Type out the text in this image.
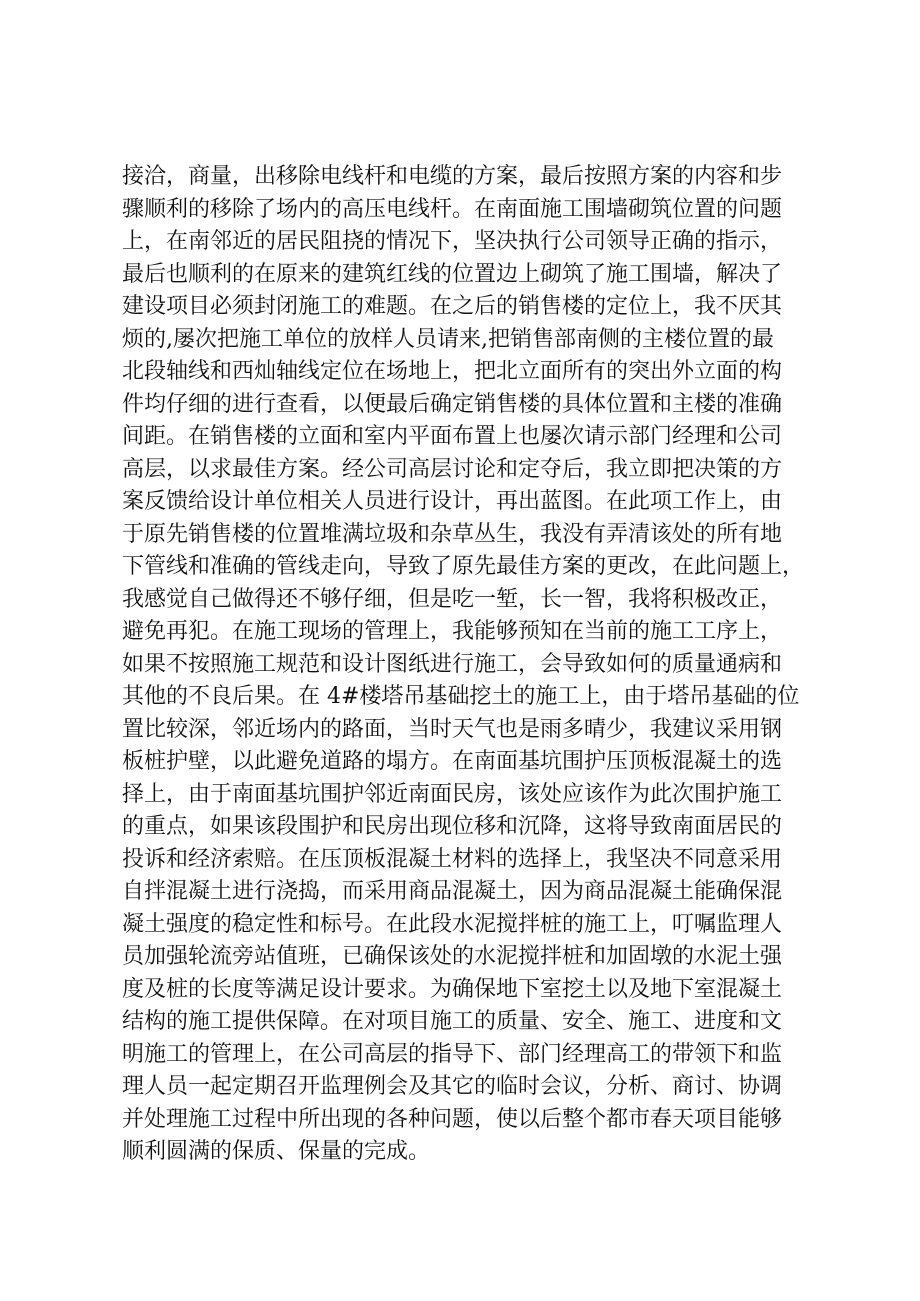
接洽，商量，出移除电线杆和电缆的方案，最后按照方案的内容和步
骤顺利的移除了场内的高压电线杆。在南面施工围墙砌筑位置的问题
上，在南邻近的居民阻挠的情况下，坚决执行公司领导正确的指示，
最后也顺利的在原来的建筑红线的位置边上砌筑了施工围墙，解决了
建设项目必须封闭施工的难题。在之后的销售楼的定位上，我不厌其
烦的,屡次把施工单位的放样人员请来,把销售部南侧的主楼位置的最
北段轴线和西灿轴线定位在场地上，把北立面所有的突出外立面的构
件均仔细的进行查看，以便最后确定销售楼的具体位置和主楼的准确
间距。在销售楼的立面和室内平面布置上也屡次请示部门经理和公司
高层，以求最佳方案。经公司高层讨论和定夺后，我立即把决策的方
案反馈给设计单位相关人员进行设计，再出蓝图。在此项工作上，由
于原先销售楼的位置堆满垃圾和杂草丛生，我没有弄清该处的所有地
下管线和准确的管线走向，导致了原先最佳方案的更改，在此问题上，
我感觉自己做得还不够仔细，但是吃一堑，长一智，我将积极改正，
避免再犯。在施工现场的管理上，我能够预知在当前的施工工序上，
如果不按照施工规范和设计图纸进行施工，会导致如何的质量通病和
其他的不良后果。在 4#楼塔吊基础挖土的施工上，由于塔吊基础的位
置比较深，邻近场内的路面，当时天气也是雨多晴少，我建议采用钢
板桩护壁，以此避免道路的塌方。在南面基坑围护压顶板混凝土的选
择上，由于南面基坑围护邻近南面民房，该处应该作为此次围护施工
的重点，如果该段围护和民房出现位移和沉降，这将导致南面居民的
投诉和经济索赔。在压顶板混凝土材料的选择上，我坚决不同意采用
自拌混凝土进行浇捣，而采用商品混凝土，因为商品混凝土能确保混
凝土强度的稳定性和标号。在此段水泥搅拌桩的施工上，叮嘱监理人
员加强轮流旁站值班，已确保该处的水泥搅拌桩和加固墩的水泥土强
度及桩的长度等满足设计要求。为确保地下室挖土以及地下室混凝土
结构的施工提供保障。在对项目施工的质量、安全、施工、进度和文
明施工的管理上，在公司高层的指导下、部门经理高工的带领下和监
理人员一起定期召开监理例会及其它的临时会议，分析、商讨、协调
并处理施工过程中所出现的各种问题，使以后整个都市春天项目能够
顺利圆满的保质、保量的完成。
